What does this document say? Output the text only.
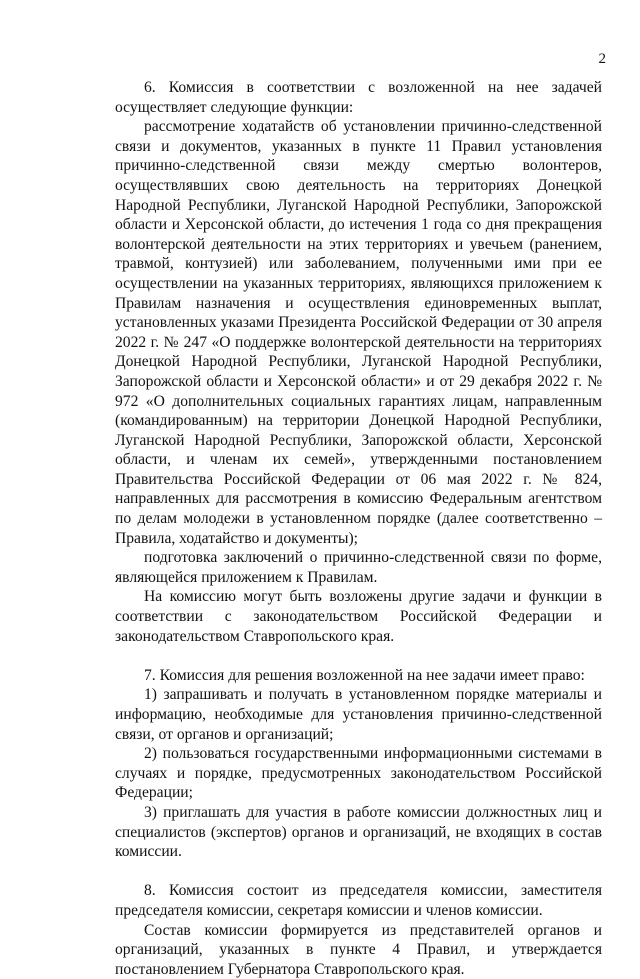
2

6. Комиссия в соответствии с возложенной на нее задачей осуществляет следующие функции:

рассмотрение ходатайств об установлении причинно-следственной связи и документов, указанных в пункте 11 Правил установления причинно-следственной связи между смертью волонтеров, осуществлявших свою деятельность на территориях Донецкой Народной Республики, Луганской Народной Республики, Запорожской области и Херсонской области, до истечения 1 года со дня прекращения волонтерской деятельности на этих территориях и увечьем (ранением, травмой, контузией) или заболеванием, полученными ими при ее осуществлении на указанных территориях, являющихся приложением к Правилам назначения и осуществления единовременных выплат, установленных указами Президента Российской Федерации от 30 апреля 2022 г. № 247 «О поддержке волонтерской деятельности на территориях Донецкой Народной Республики, Луганской Народной Республики, Запорожской области и Херсонской области» и от 29 декабря 2022 г. № 972 «О дополнительных социальных гарантиях лицам, направленным (командированным) на территории Донецкой Народной Республики, Луганской Народной Республики, Запорожской области, Херсонской области, и членам их семей», утвержденными постановлением Правительства Российской Федерации от 06 мая 2022 г. № 824, направленных для рассмотрения в комиссию Федеральным агентством по делам молодежи в установленном порядке (далее соответственно – Правила, ходатайство и документы);

подготовка заключений о причинно-следственной связи по форме, являющейся приложением к Правилам.

На комиссию могут быть возложены другие задачи и функции в соответствии с законодательством Российской Федерации и законодательством Ставропольского края.

7. Комиссия для решения возложенной на нее задачи имеет право:

1) запрашивать и получать в установленном порядке материалы и информацию, необходимые для установления причинно-следственной связи, от органов и организаций;

2) пользоваться государственными информационными системами в случаях и порядке, предусмотренных законодательством Российской Федерации;

3) приглашать для участия в работе комиссии должностных лиц и специалистов (экспертов) органов и организаций, не входящих в состав комиссии.

8. Комиссия состоит из председателя комиссии, заместителя председателя комиссии, секретаря комиссии и членов комиссии.

Состав комиссии формируется из представителей органов и организаций, указанных в пункте 4 Правил, и утверждается постановлением Губернатора Ставропольского края.
